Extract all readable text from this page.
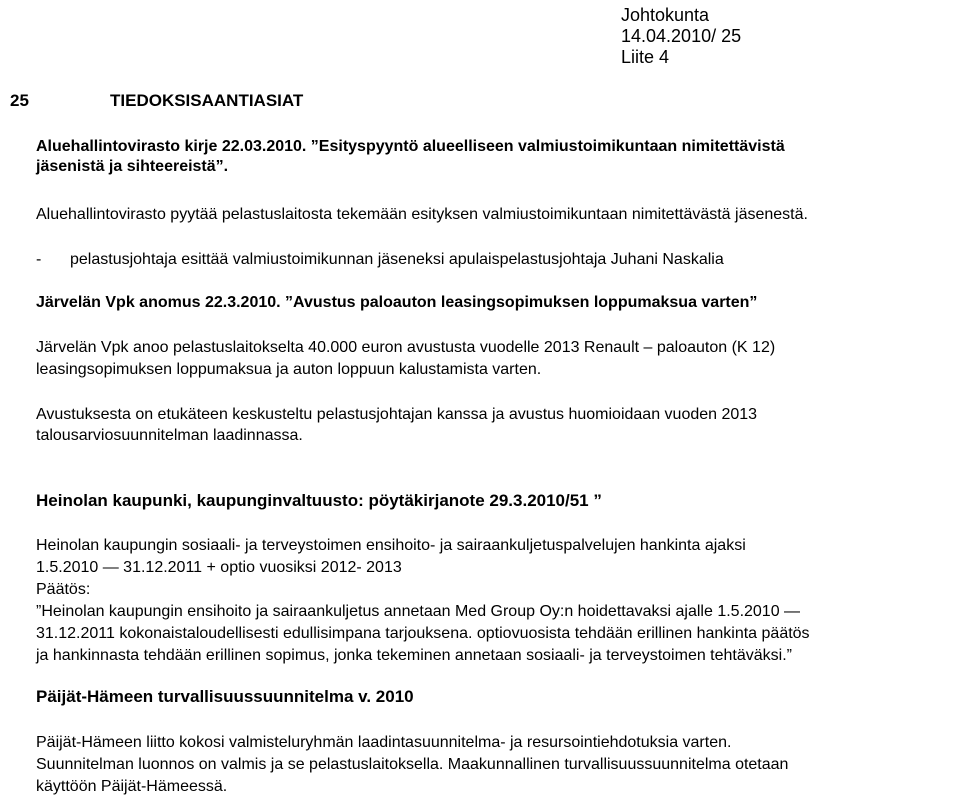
Johtokunta
14.04.2010/ 25
Liite 4
25	TIEDOKSISAANTIASIAT
Aluehallintovirasto kirje 22.03.2010. ”Esityspyyntö alueelliseen valmiustoimikuntaan nimitettävistä
jäsenistä ja sihteereistä”.
Aluehallintovirasto pyytää pelastuslaitosta tekemään esityksen valmiustoimikuntaan nimitettävästä jäsenestä.
- pelastusjohtaja esittää valmiustoimikunnan jäseneksi apulaispelastusjohtaja Juhani Naskalia
Järvelän Vpk anomus 22.3.2010. ”Avustus paloauton leasingsopimuksen loppumaksua varten”
Järvelän Vpk anoo pelastuslaitokselta 40.000 euron avustusta vuodelle 2013 Renault – paloauton (K 12)
leasingsopimuksen loppumaksua ja auton loppuun kalustamista varten.
Avustuksesta on etukäteen keskusteltu pelastusjohtajan kanssa ja avustus huomioidaan vuoden 2013
talousarviosuunnitelman laadinnassa.
Heinolan kaupunki, kaupunginvaltuusto: pöytäkirjanote 29.3.2010/51 ”
Heinolan kaupungin sosiaali- ja terveystoimen ensihoito- ja sairaankuljetuspalvelujen hankinta ajaksi
1.5.2010 — 31.12.2011 + optio vuosiksi 2012- 2013
Päätös:
”Heinolan kaupungin ensihoito ja sairaankuljetus annetaan Med Group Oy:n hoidettavaksi ajalle 1.5.2010 —
31.12.2011 kokonaistaloudellisesti edullisimpana tarjouksena. optiovuosista tehdään erillinen hankinta päätös
ja hankinnasta tehdään erillinen sopimus, jonka tekeminen annetaan sosiaali- ja terveystoimen tehtäväksi.”
Päijät-Hämeen turvallisuussuunnitelma v. 2010
Päijät-Hämeen liitto kokosi valmisteluryhmän laadintasuunnitelma- ja resursointiehdotuksia varten.
Suunnitelman luonnos on valmis ja se pelastuslaitoksella. Maakunnallinen turvallisuussuunnitelma otetaan
käyttöön Päijät-Hämeessä.
